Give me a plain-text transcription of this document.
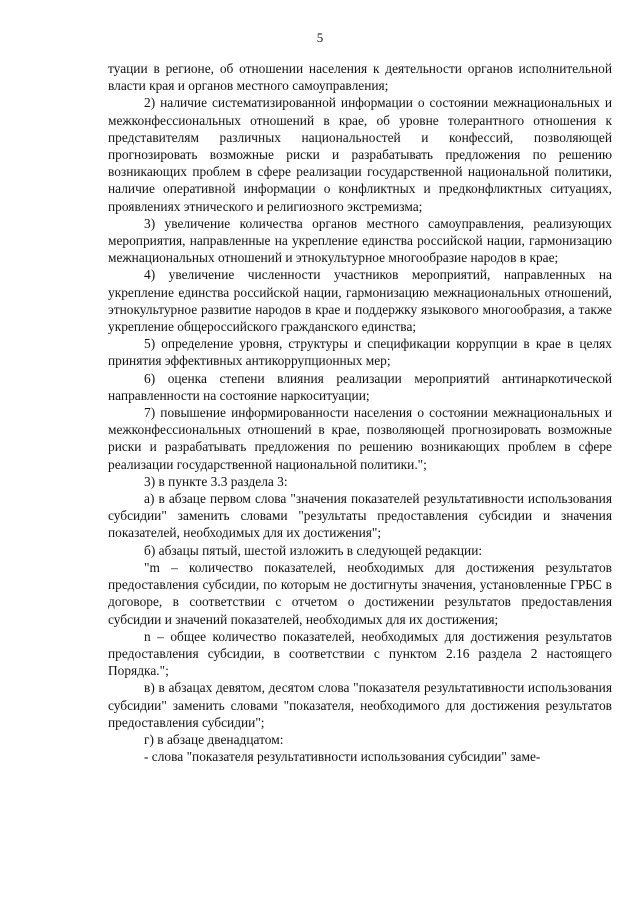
5

туации в регионе, об отношении населения к деятельности органов исполнительной власти края и органов местного самоуправления;

2) наличие систематизированной информации о состоянии межнациональных и межконфессиональных отношений в крае, об уровне толерантного отношения к представителям различных национальностей и конфессий, позволяющей прогнозировать возможные риски и разрабатывать предложения по решению возникающих проблем в сфере реализации государственной национальной политики, наличие оперативной информации о конфликтных и предконфликтных ситуациях, проявлениях этнического и религиозного экстремизма;

3) увеличение количества органов местного самоуправления, реализующих мероприятия, направленные на укрепление единства российской нации, гармонизацию межнациональных отношений и этнокультурное многообразие народов в крае;

4) увеличение численности участников мероприятий, направленных на укрепление единства российской нации, гармонизацию межнациональных отношений, этнокультурное развитие народов в крае и поддержку языкового многообразия, а также укрепление общероссийского гражданского единства;

5) определение уровня, структуры и спецификации коррупции в крае в целях принятия эффективных антикоррупционных мер;

6) оценка степени влияния реализации мероприятий антинаркотической направленности на состояние наркоситуации;

7) повышение информированности населения о состоянии межнациональных и межконфессиональных отношений в крае, позволяющей прогнозировать возможные риски и разрабатывать предложения по решению возникающих проблем в сфере реализации государственной национальной политики.";

3) в пункте 3.3 раздела 3:

а) в абзаце первом слова "значения показателей результативности использования субсидии" заменить словами "результаты предоставления субсидии и значения показателей, необходимых для их достижения";

б) абзацы пятый, шестой изложить в следующей редакции:

"m – количество показателей, необходимых для достижения результатов предоставления субсидии, по которым не достигнуты значения, установленные ГРБС в договоре, в соответствии с отчетом о достижении результатов предоставления субсидии и значений показателей, необходимых для их достижения;

n – общее количество показателей, необходимых для достижения результатов предоставления субсидии, в соответствии с пунктом 2.16 раздела 2 настоящего Порядка.";

в) в абзацах девятом, десятом слова "показателя результативности использования субсидии" заменить словами "показателя, необходимого для достижения результатов предоставления субсидии";

г) в абзаце двенадцатом:

- слова "показателя результативности использования субсидии" заме-
